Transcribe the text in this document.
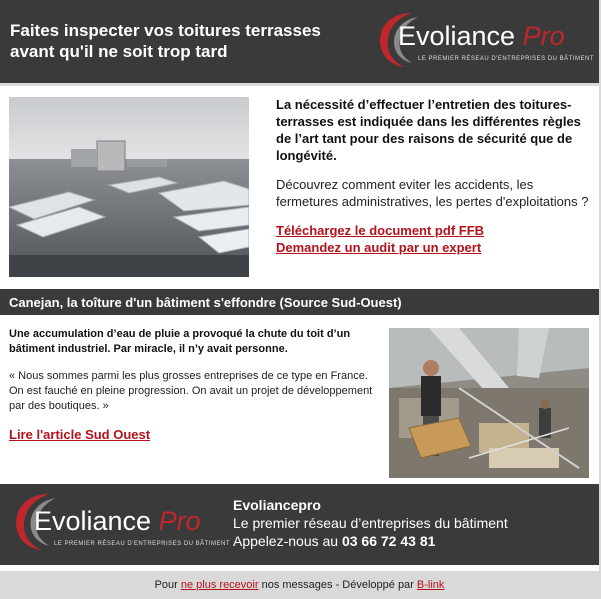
Faites inspecter vos toitures terrasses
avant qu'il ne soit trop tard
Evoliance Pro
LE PREMIER RÉSEAU D'ENTREPRISES DU BÂTIMENT

La nécessité d’effectuer l’entretien des toitures-terrasses est indiquée dans les différentes règles de l’art tant pour des raisons de sécurité que de longévité.

Découvrez comment eviter les accidents, les fermetures administratives, les pertes d'exploitations ?

Téléchargez le document pdf FFB
Demandez un audit par un expert
Canejan, la toîture d'un bâtiment s'effondre (Source Sud-Ouest)

Une accumulation d’eau de pluie a provoqué la chute du toit d’un bâtiment industriel. Par miracle, il n’y avait personne.

« Nous sommes parmi les plus grosses entreprises de ce type en France. On est fauché en pleine progression. On avait un projet de développement par des boutiques. »

Lire l'article Sud Ouest
Evoliance Pro
LE PREMIER RÉSEAU D'ENTREPRISES DU BÂTIMENT
Evoliancepro
Le premier réseau d’entreprises du bâtiment
Appelez-nous au 03 66 72 43 81
Pour ne plus recevoir nos messages - Développé par B-link
